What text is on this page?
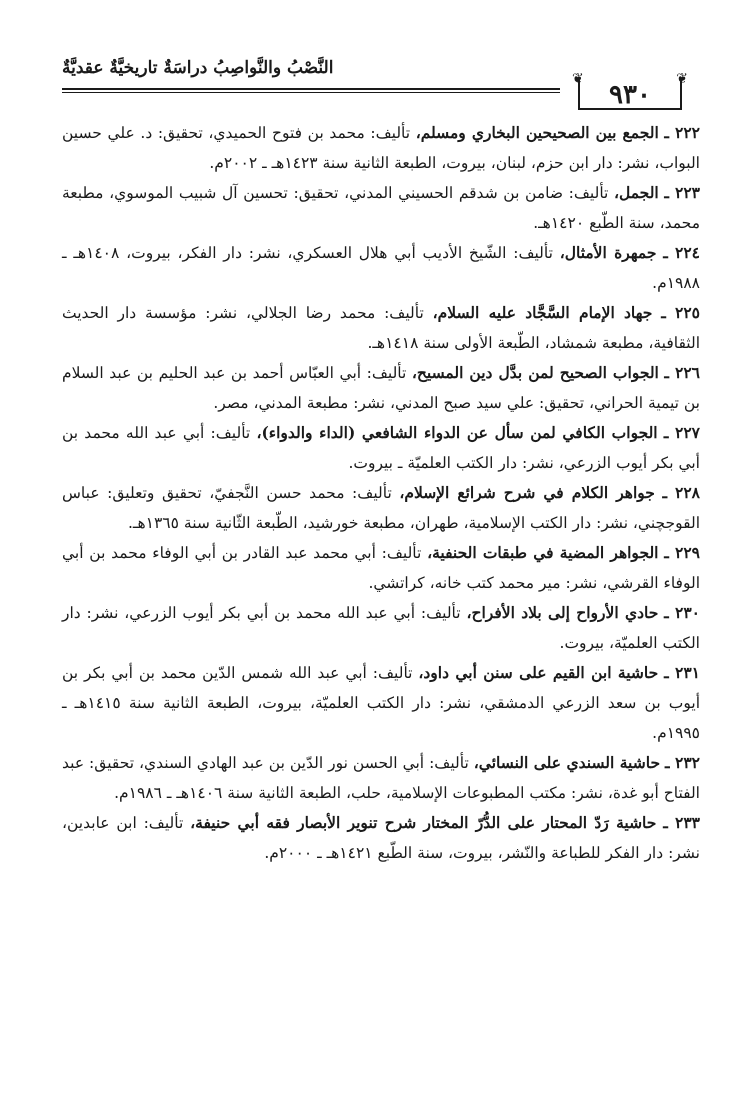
النَّصْبُ والنَّواصِبُ دراسَةٌ تاريخيَّةٌ عقديَّةٌ
❦	❦
٩٣٠

٢٢٢ ـ الجمع بين الصحيحين البخاري ومسلم، تأليف: محمد بن فتوح الحميدي، تحقيق: د. علي حسين البواب، نشر: دار ابن حزم، لبنان، بيروت، الطبعة الثانية سنة ١٤٢٣هـ ـ ٢٠٠٢م.

٢٢٣ ـ الجمل، تأليف: ضامن بن شدقم الحسيني المدني، تحقيق: تحسين آل شبيب الموسوي، مطبعة محمد، سنة الطّبع ١٤٢٠هـ.

٢٢٤ ـ جمهرة الأمثال، تأليف: الشّيخ الأديب أبي هلال العسكري، نشر: دار الفكر، بيروت، ١٤٠٨هـ ـ ١٩٨٨م.

٢٢٥ ـ جهاد الإمام السَّجَّاد عليه السلام، تأليف: محمد رضا الجلالي، نشر: مؤسسة دار الحديث الثقافية، مطبعة شمشاد، الطّبعة الأولى سنة ١٤١٨هـ.

٢٢٦ ـ الجواب الصحيح لمن بدَّل دين المسيح، تأليف: أبي العبّاس أحمد بن عبد الحليم بن عبد السلام بن تيمية الحراني، تحقيق: علي سيد صبح المدني، نشر: مطبعة المدني، مصر.

٢٢٧ ـ الجواب الكافي لمن سأل عن الدواء الشافعي (الداء والدواء)، تأليف: أبي عبد الله محمد بن أبي بكر أيوب الزرعي، نشر: دار الكتب العلميّة ـ بيروت.

٢٢٨ ـ جواهر الكلام في شرح شرائع الإسلام، تأليف: محمد حسن النَّجفيّ، تحقيق وتعليق: عباس القوجچني، نشر: دار الكتب الإسلامية، طهران، مطبعة خورشيد، الطّبعة الثّانية سنة ١٣٦٥هـ.

٢٢٩ ـ الجواهر المضية في طبقات الحنفية، تأليف: أبي محمد عبد القادر بن أبي الوفاء محمد بن أبي الوفاء القرشي، نشر: مير محمد كتب خانه، كراتشي.

٢٣٠ ـ حادي الأرواح إلى بلاد الأفراح، تأليف: أبي عبد الله محمد بن أبي بكر أيوب الزرعي، نشر: دار الكتب العلميّة، بيروت.

٢٣١ ـ حاشية ابن القيم على سنن أبي داود، تأليف: أبي عبد الله شمس الدّين محمد بن أبي بكر بن أيوب بن سعد الزرعي الدمشقي، نشر: دار الكتب العلميّة، بيروت، الطبعة الثانية سنة ١٤١٥هـ ـ ١٩٩٥م.

٢٣٢ ـ حاشية السندي على النسائي، تأليف: أبي الحسن نور الدّين بن عبد الهادي السندي، تحقيق: عبد الفتاح أبو غدة، نشر: مكتب المطبوعات الإسلامية، حلب، الطبعة الثانية سنة ١٤٠٦هـ ـ ١٩٨٦م.

٢٣٣ ـ حاشية رَدّ المحتار على الدُّرّ المختار شرح تنوير الأبصار فقه أبي حنيفة، تأليف: ابن عابدين، نشر: دار الفكر للطباعة والنّشر، بيروت، سنة الطّبع ١٤٢١هـ ـ ٢٠٠٠م.
